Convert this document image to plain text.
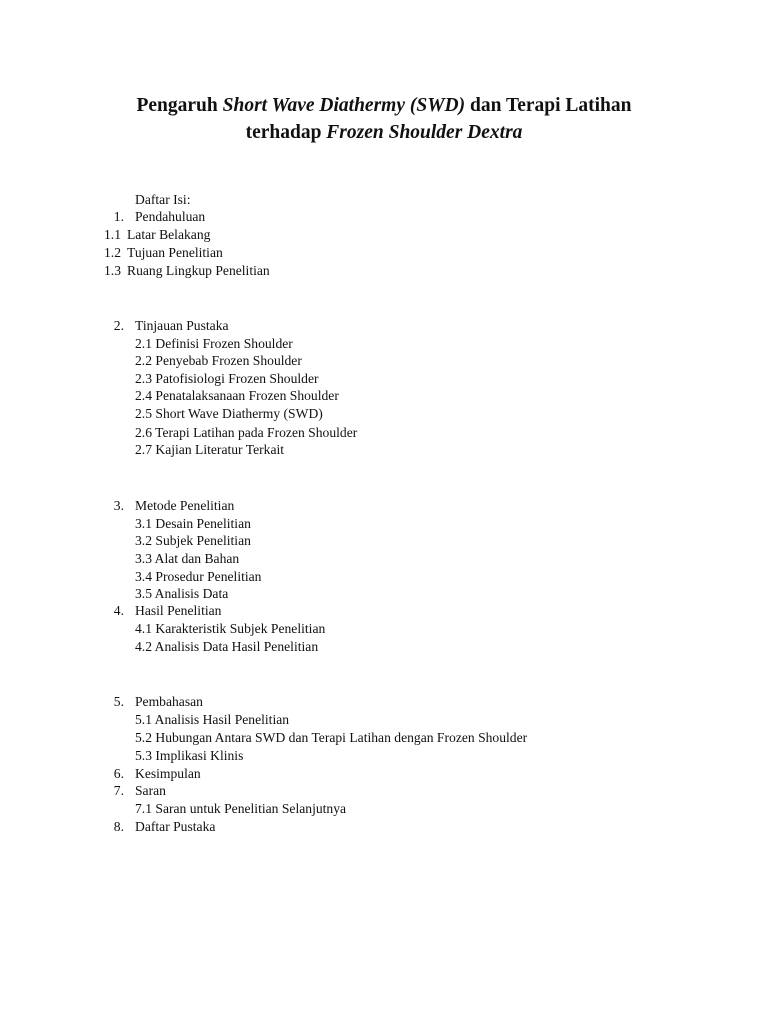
Pengaruh Short Wave Diathermy (SWD) dan Terapi Latihan
terhadap Frozen Shoulder Dextra
Daftar Isi:
1. Pendahuluan
1.1 Latar Belakang
1.2 Tujuan Penelitian
1.3 Ruang Lingkup Penelitian
2. Tinjauan Pustaka
2.1 Definisi Frozen Shoulder
2.2 Penyebab Frozen Shoulder
2.3 Patofisiologi Frozen Shoulder
2.4 Penatalaksanaan Frozen Shoulder
2.5 Short Wave Diathermy (SWD)
2.6 Terapi Latihan pada Frozen Shoulder
2.7 Kajian Literatur Terkait
3. Metode Penelitian
3.1 Desain Penelitian
3.2 Subjek Penelitian
3.3 Alat dan Bahan
3.4 Prosedur Penelitian
3.5 Analisis Data
4. Hasil Penelitian
4.1 Karakteristik Subjek Penelitian
4.2 Analisis Data Hasil Penelitian
5. Pembahasan
5.1 Analisis Hasil Penelitian
5.2 Hubungan Antara SWD dan Terapi Latihan dengan Frozen Shoulder
5.3 Implikasi Klinis
6. Kesimpulan
7. Saran
7.1 Saran untuk Penelitian Selanjutnya
8. Daftar Pustaka
